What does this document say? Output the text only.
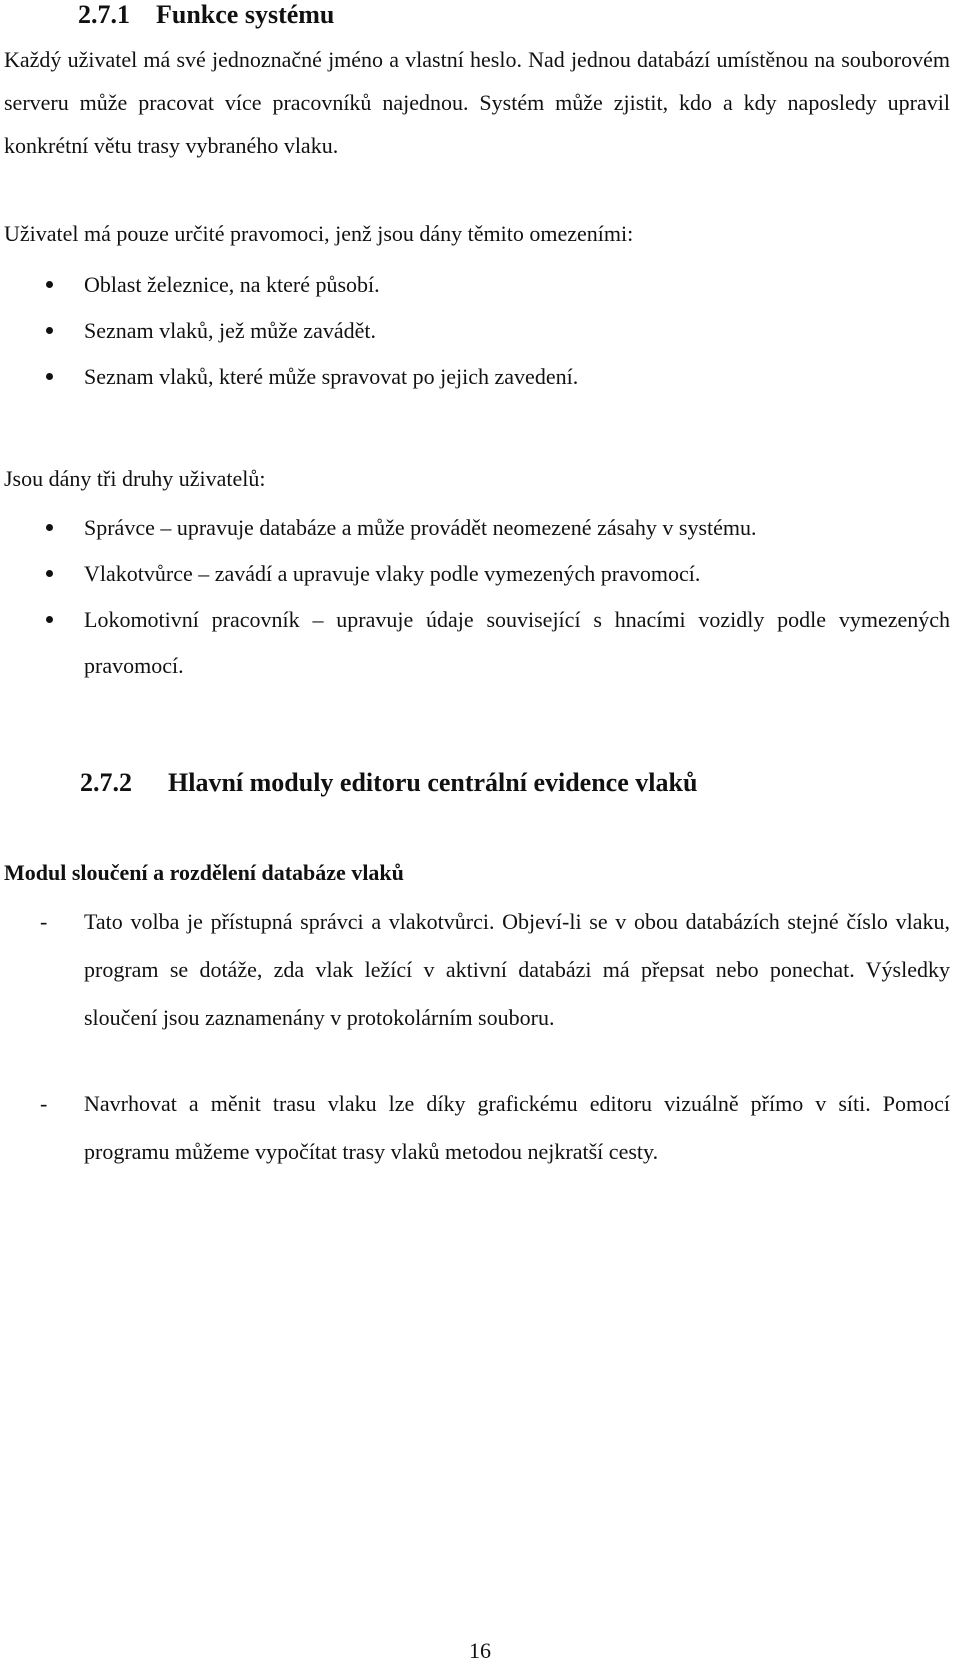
2.7.1 Funkce systému

Každý uživatel má své jednoznačné jméno a vlastní heslo. Nad jednou databází umístěnou na souborovém serveru může pracovat více pracovníků najednou. Systém může zjistit, kdo a kdy naposledy upravil konkrétní větu trasy vybraného vlaku.

Uživatel má pouze určité pravomoci, jenž jsou dány těmito omezeními:

Oblast železnice, na které působí.
Seznam vlaků, jež může zavádět.
Seznam vlaků, které může spravovat po jejich zavedení.

Jsou dány tři druhy uživatelů:

Správce – upravuje databáze a může provádět neomezené zásahy v systému.
Vlakotvůrce – zavádí a upravuje vlaky podle vymezených pravomocí.
Lokomotivní pracovník – upravuje údaje související s hnacími vozidly podle vymezených pravomocí.
2.7.2 Hlavní moduly editoru centrální evidence vlaků

Modul sloučení a rozdělení databáze vlaků

- Tato volba je přístupná správci a vlakotvůrci. Objeví-li se v obou databázích stejné číslo vlaku, program se dotáže, zda vlak ležící v aktivní databázi má přepsat nebo ponechat. Výsledky sloučení jsou zaznamenány v protokolárním souboru.
- Navrhovat a měnit trasu vlaku lze díky grafickému editoru vizuálně přímo v síti. Pomocí programu můžeme vypočítat trasy vlaků metodou nejkratší cesty.
16
